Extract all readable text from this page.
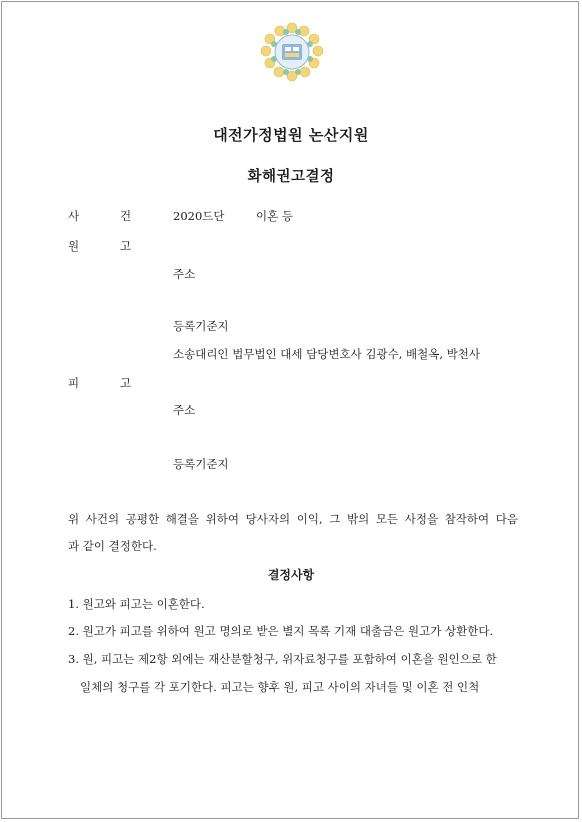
대전가정법원 논산지원
화해권고결정
사	건	2020드단	이혼 등
원	고
주소
등록기준지
소송대리인 법무법인 대세 담당변호사 김광수, 배철옥, 박천사
피	고
주소
등록기준지
위 사건의 공평한 해결을 위하여 당사자의 이익, 그 밖의 모든 사정을 참작하여 다음
과 같이 결정한다.
결정사항
1. 원고와 피고는 이혼한다.
2. 원고가 피고를 위하여 원고 명의로 받은 별지 목록 기재 대출금은 원고가 상환한다.
3. 원, 피고는 제2항 외에는 재산분할청구, 위자료청구를 포함하여 이혼을 원인으로 한
일체의 청구를 각 포기한다. 피고는 향후 원, 피고 사이의 자녀들 및 이혼 전 인척
